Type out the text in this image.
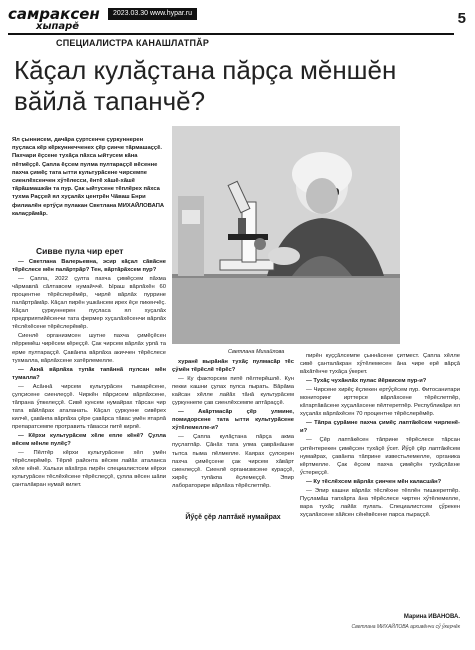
самраксен
хыпарĕ
2023.03.30 www.hypar.ru	5
СПЕЦИАЛИСТРА КАНАШЛАТПĂР
Кăçал кулăçтана пăрçа мĕншĕн вăйлă тапанчĕ?
Ял çыннисем, дачăра çуртсенче çуркуннерен пуçласа кĕр кĕркуннечченех çĕр çинче тăрмашаççĕ. Пахчари ĕçсене тухăçа пăхса ыйтусем кăна пĕтмĕççĕ. Çапла ĕçсем пулма пултараççĕ вĕсенне пахча çимĕç тата ытти культурăсене чирсемпе сиенлĕхсенчен хӳтĕлесси, ĕнтĕ хăшĕ-хăшĕ тăрăшмашкăн та пур. Çак ыйтусене тĕплĕрех пăхса тухма Раççей ял хуçалăх центрĕн Чăваш Енри филиалĕн ертӳçи пулакан Светлана МИХАЙЛОВАПА калаçрăмăр.
Светлана Михайлова
Сивве пула чир ерет

— Светлана Валерьевна, эсир кăçал сăвăсне тĕрĕслесе мĕн палăртрăр? Тен, вăртăрăхсем пур?

— Çапла, 2022 çулта пахча çимĕçсем пăхма чăрмавлă сăлтавсем нумайччĕ. Ыраш вăрлăхĕн 60 процентне тĕрĕслерĕмĕр, чирлĕ вăрлăх пуррине палăртрăмăр. Кăçал пирĕн ушкăнсем ирех ĕçе пикенчĕç. Кăçал çуркуннерен пуçласа ял хуçалăх предприятийĕсенчи тата фермер хуçалăхĕсенчи вăрлăх тĕслĕхĕсене тĕрĕслерĕмĕр.

Сиенлĕ организмсен шутне пахча çимĕçĕсен пĕрремĕш чирĕсем кĕреççĕ. Çак чирсем вăрлăх урлă та ерме пултараççĕ. Çавăнпа вăрлăха акиччен тĕрĕслесе тухмалла, вăрлăхсене хатĕрлемелле.

— Акнă вăрлăха тупăк тапăннă пулсан мĕн тумалла?

— Асăннă чирсем культурăсен тымарĕсене, çулçисене сиенлеççĕ. Чиркĕн пăрçисем вăрлăхсене, тăпрана ӳпкелеççĕ. Сивĕ кунсем нумайрах тăрсан чир тата вăйлăрах аталанать. Кăçал çуркунне сивĕрех килчĕ, çавăнпа вăрлăха çĕре çавăрса тăвас умĕн ятарлă препаратсемпе протравить тăвасси питĕ кирлĕ.

— Кĕрхи культурăсем хĕле епле кĕнĕ? Çулла вĕсем мĕнле пулĕç?

— Пĕлтĕр кĕрхи культурăсене хĕл умĕн тĕрĕслерĕмĕр. Тĕрлĕ районта вĕсем лайăх аталанса хĕле кĕнĕ. Хальхи вăхăтра пирĕн специалистсем кĕрхи культурăсен тĕслĕхĕсене тĕрĕслеççĕ, çулла вĕсен шăпи çанталăкран нумай килет.

хуранĕ вырăнăн тухăç пулмасăр тĕс çӳмĕн тĕрĕслĕ тĕрĕс?

— Ку факторсем питĕ пĕлтерĕшлĕ. Кун пекки кашни çулах пулса пырать. Вăрăма кайсан хĕлле лайăх тăнă культурăсем çуркуннепе çав сиенлĕхсемпе аптăраççĕ.

— Акăртмасăр çĕр улмине, помидорсене тата ытти культурăсене хӳтĕлемелле-и?

— Çапла кулăçтана пăрçа акма пуçлатпăр. Çăнăх тата улма çаврăнăшне тытса пыма пĕлмелле. Каярах çулсерен пахча çимĕçсене çак чирсем хăвăрт сиенлеççĕ. Сиенлĕ организмсене кураççĕ, хирĕç тупăкпа ĕçлемеççĕ. Эпир лабораторире вăрлăха тĕрĕслетпĕр.

Йӳçĕ çĕр лаптăкĕ нумайрах

пирĕн куççăлсемпе çыннăсене çитмест. Çапла хĕлле сивĕ çанталăкран хӳтĕлемесен ăна чире ерĕ вăрçă вăхăтĕнче тухăçа ӳкерет.

— Тухăç чухăнлăх пулас йĕркисем пур-и?

— Чирсене хирĕç ĕçлекен ертӳçĕсем пур. Фитосанитари мониторинг ирттерсе вăрлăхсене тĕрĕслетпĕр, кăтартăвăсене хуçалăхсене пĕлтеретпĕр. Республикăри ял хуçалăх вăрлăхĕсен 70 процентне тĕрĕслерĕмĕр.

— Тăпра çурăмне пахча çимĕç лаптăкĕсем чирленĕ-и?

— Çĕр лаптăкĕсен тăприне тĕрĕслесе тăрсан çитĕнтерекен çимĕçсен тухăçĕ ӳсет. Йӳçĕ çĕр лаптăкĕсем нумайрах, çавăнпа тăприне известьлемелле, органика кĕртмелле. Çак ĕçсем пахча çимĕçĕн тухăçлăхне ӳстереççĕ.

— Ку тĕслĕхсем вăрлăх çинчен мĕн каласшăн?

— Эпир кашни вăрлăх тĕслĕхне тĕплĕн тишкеретпĕр. Пуçламăш тапхăрта ăна тĕрĕслесе чиртен хӳтĕлемелле, вара тухăç лайăх пулать. Специалистсем çӳрекен хуçалăхсене хăйсен сĕнĕвĕсене парса пыраççĕ.

Марина ИВАНОВА.
Светлана МИХАЙЛОВА архивĕнчи сӳ ӳкерчĕк
